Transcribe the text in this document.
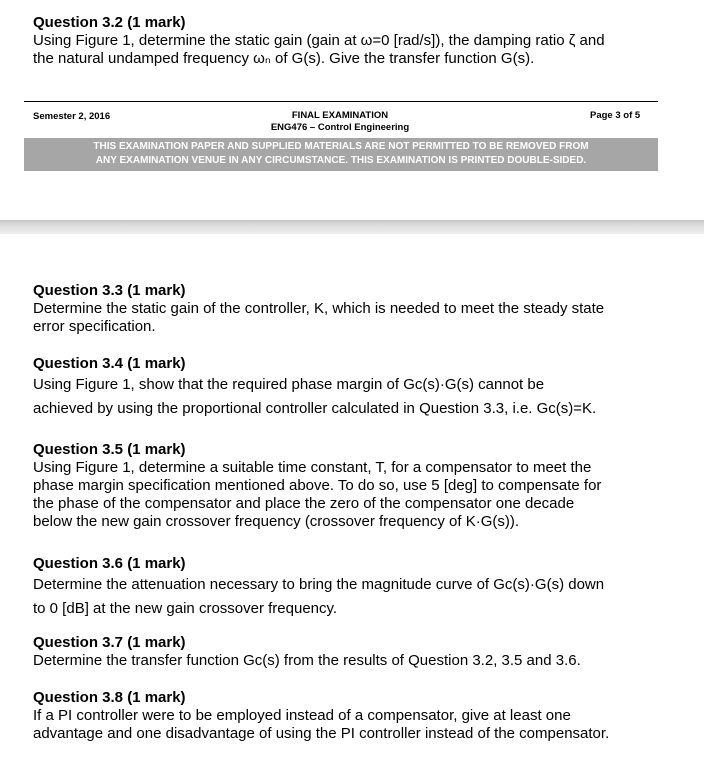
Question 3.2 (1 mark)
Using Figure 1, determine the static gain (gain at ω=0 [rad/s]), the damping ratio ζ and
the natural undamped frequency ωₙ of G(s). Give the transfer function G(s).
Semester 2, 2016	FINAL EXAMINATION
ENG476 – Control Engineering
Page 3 of 5
THIS EXAMINATION PAPER AND SUPPLIED MATERIALS ARE NOT PERMITTED TO BE REMOVED FROM
ANY EXAMINATION VENUE IN ANY CIRCUMSTANCE. THIS EXAMINATION IS PRINTED DOUBLE-SIDED.
Question 3.3 (1 mark)
Determine the static gain of the controller, K, which is needed to meet the steady state
error specification.
Question 3.4 (1 mark)
Using Figure 1, show that the required phase margin of Gᴄ(s)·G(s) cannot be
achieved by using the proportional controller calculated in Question 3.3, i.e. Gᴄ(s)=K.
Question 3.5 (1 mark)
Using Figure 1, determine a suitable time constant, T, for a compensator to meet the
phase margin specification mentioned above. To do so, use 5 [deg] to compensate for
the phase of the compensator and place the zero of the compensator one decade
below the new gain crossover frequency (crossover frequency of K·G(s)).
Question 3.6 (1 mark)
Determine the attenuation necessary to bring the magnitude curve of Gᴄ(s)·G(s) down
to 0 [dB] at the new gain crossover frequency.
Question 3.7 (1 mark)
Determine the transfer function Gᴄ(s) from the results of Question 3.2, 3.5 and 3.6.
Question 3.8 (1 mark)
If a PI controller were to be employed instead of a compensator, give at least one
advantage and one disadvantage of using the PI controller instead of the compensator.
